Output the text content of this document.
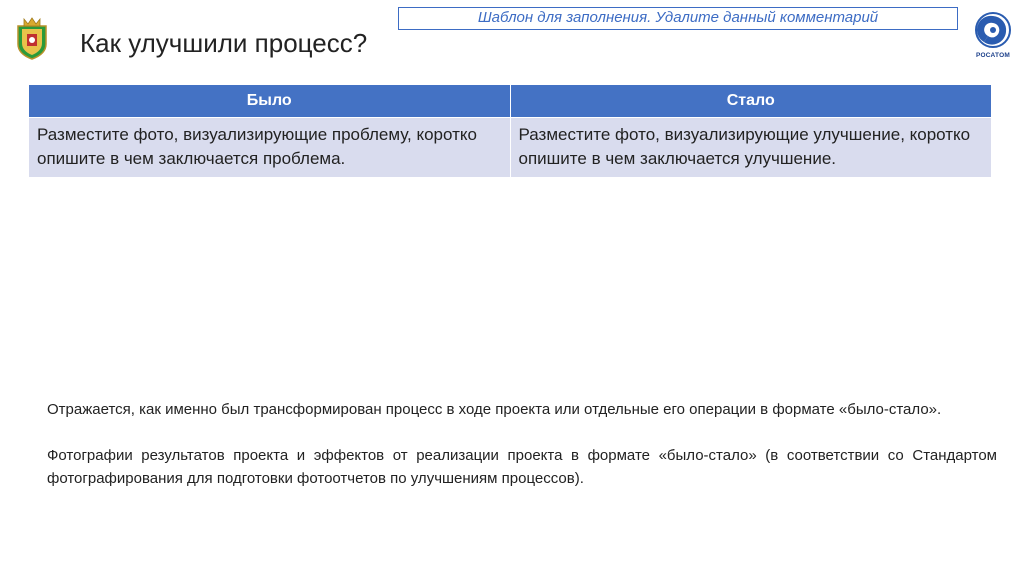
Как улучшили процесс?
Шаблон для заполнения. Удалите данный комментарий
РОСАТОМ
Было	Стало
Разместите фото, визуализирующие проблему, коротко опишите в чем заключается проблема.	Разместите фото, визуализирующие улучшение, коротко опишите в чем заключается улучшение.

Отражается, как именно был трансформирован процесс в ходе проекта или отдельные его операции в формате «было-стало».

Фотографии результатов проекта и эффектов от реализации проекта в формате «было-стало» (в соответствии со Стандартом фотографирования для подготовки фотоотчетов по улучшениям процессов).
